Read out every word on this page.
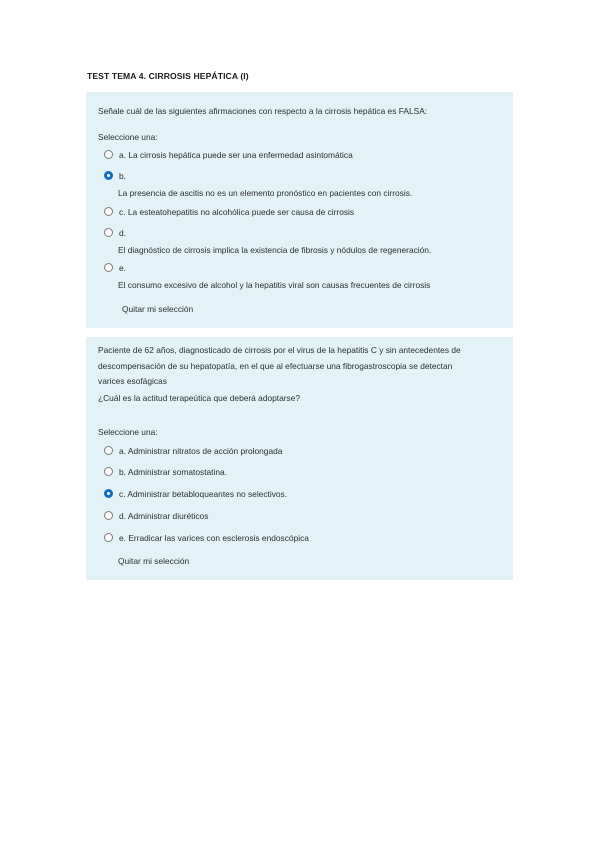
TEST TEMA 4. CIRROSIS HEPÁTICA (I)
Señale cuál de las siguientes afirmaciones con respecto a la cirrosis hepática es FALSA:
Seleccione una:
a. La cirrosis hepática puede ser una enfermedad asintomática
b.
La presencia de ascitis no es un elemento pronóstico en pacientes con cirrosis.
c. La esteatohepatitis no alcohólica puede ser causa de cirrosis
d.
El diagnóstico de cirrosis implica la existencia de fibrosis y nódulos de regeneración.
e.
El consumo excesivo de alcohol y la hepatitis viral son causas frecuentes de cirrosis
Quitar mi selección

Paciente de 62 años, diagnosticado de cirrosis por el virus de la hepatitis C y sin antecedentes de descompensación de su hepatopatía, en el que al efectuarse una fibrogastroscopia se detectan varices esofágicas

¿Cuál es la actitud terapeútica que deberá adoptarse?

Seleccione una:
a. Administrar nitratos de acción prolongada
b. Administrar somatostatina.
c. Administrar betabloqueantes no selectivos.
d. Administrar diuréticos
e. Erradicar las varices con esclerosis endoscópica
Quitar mi selección
